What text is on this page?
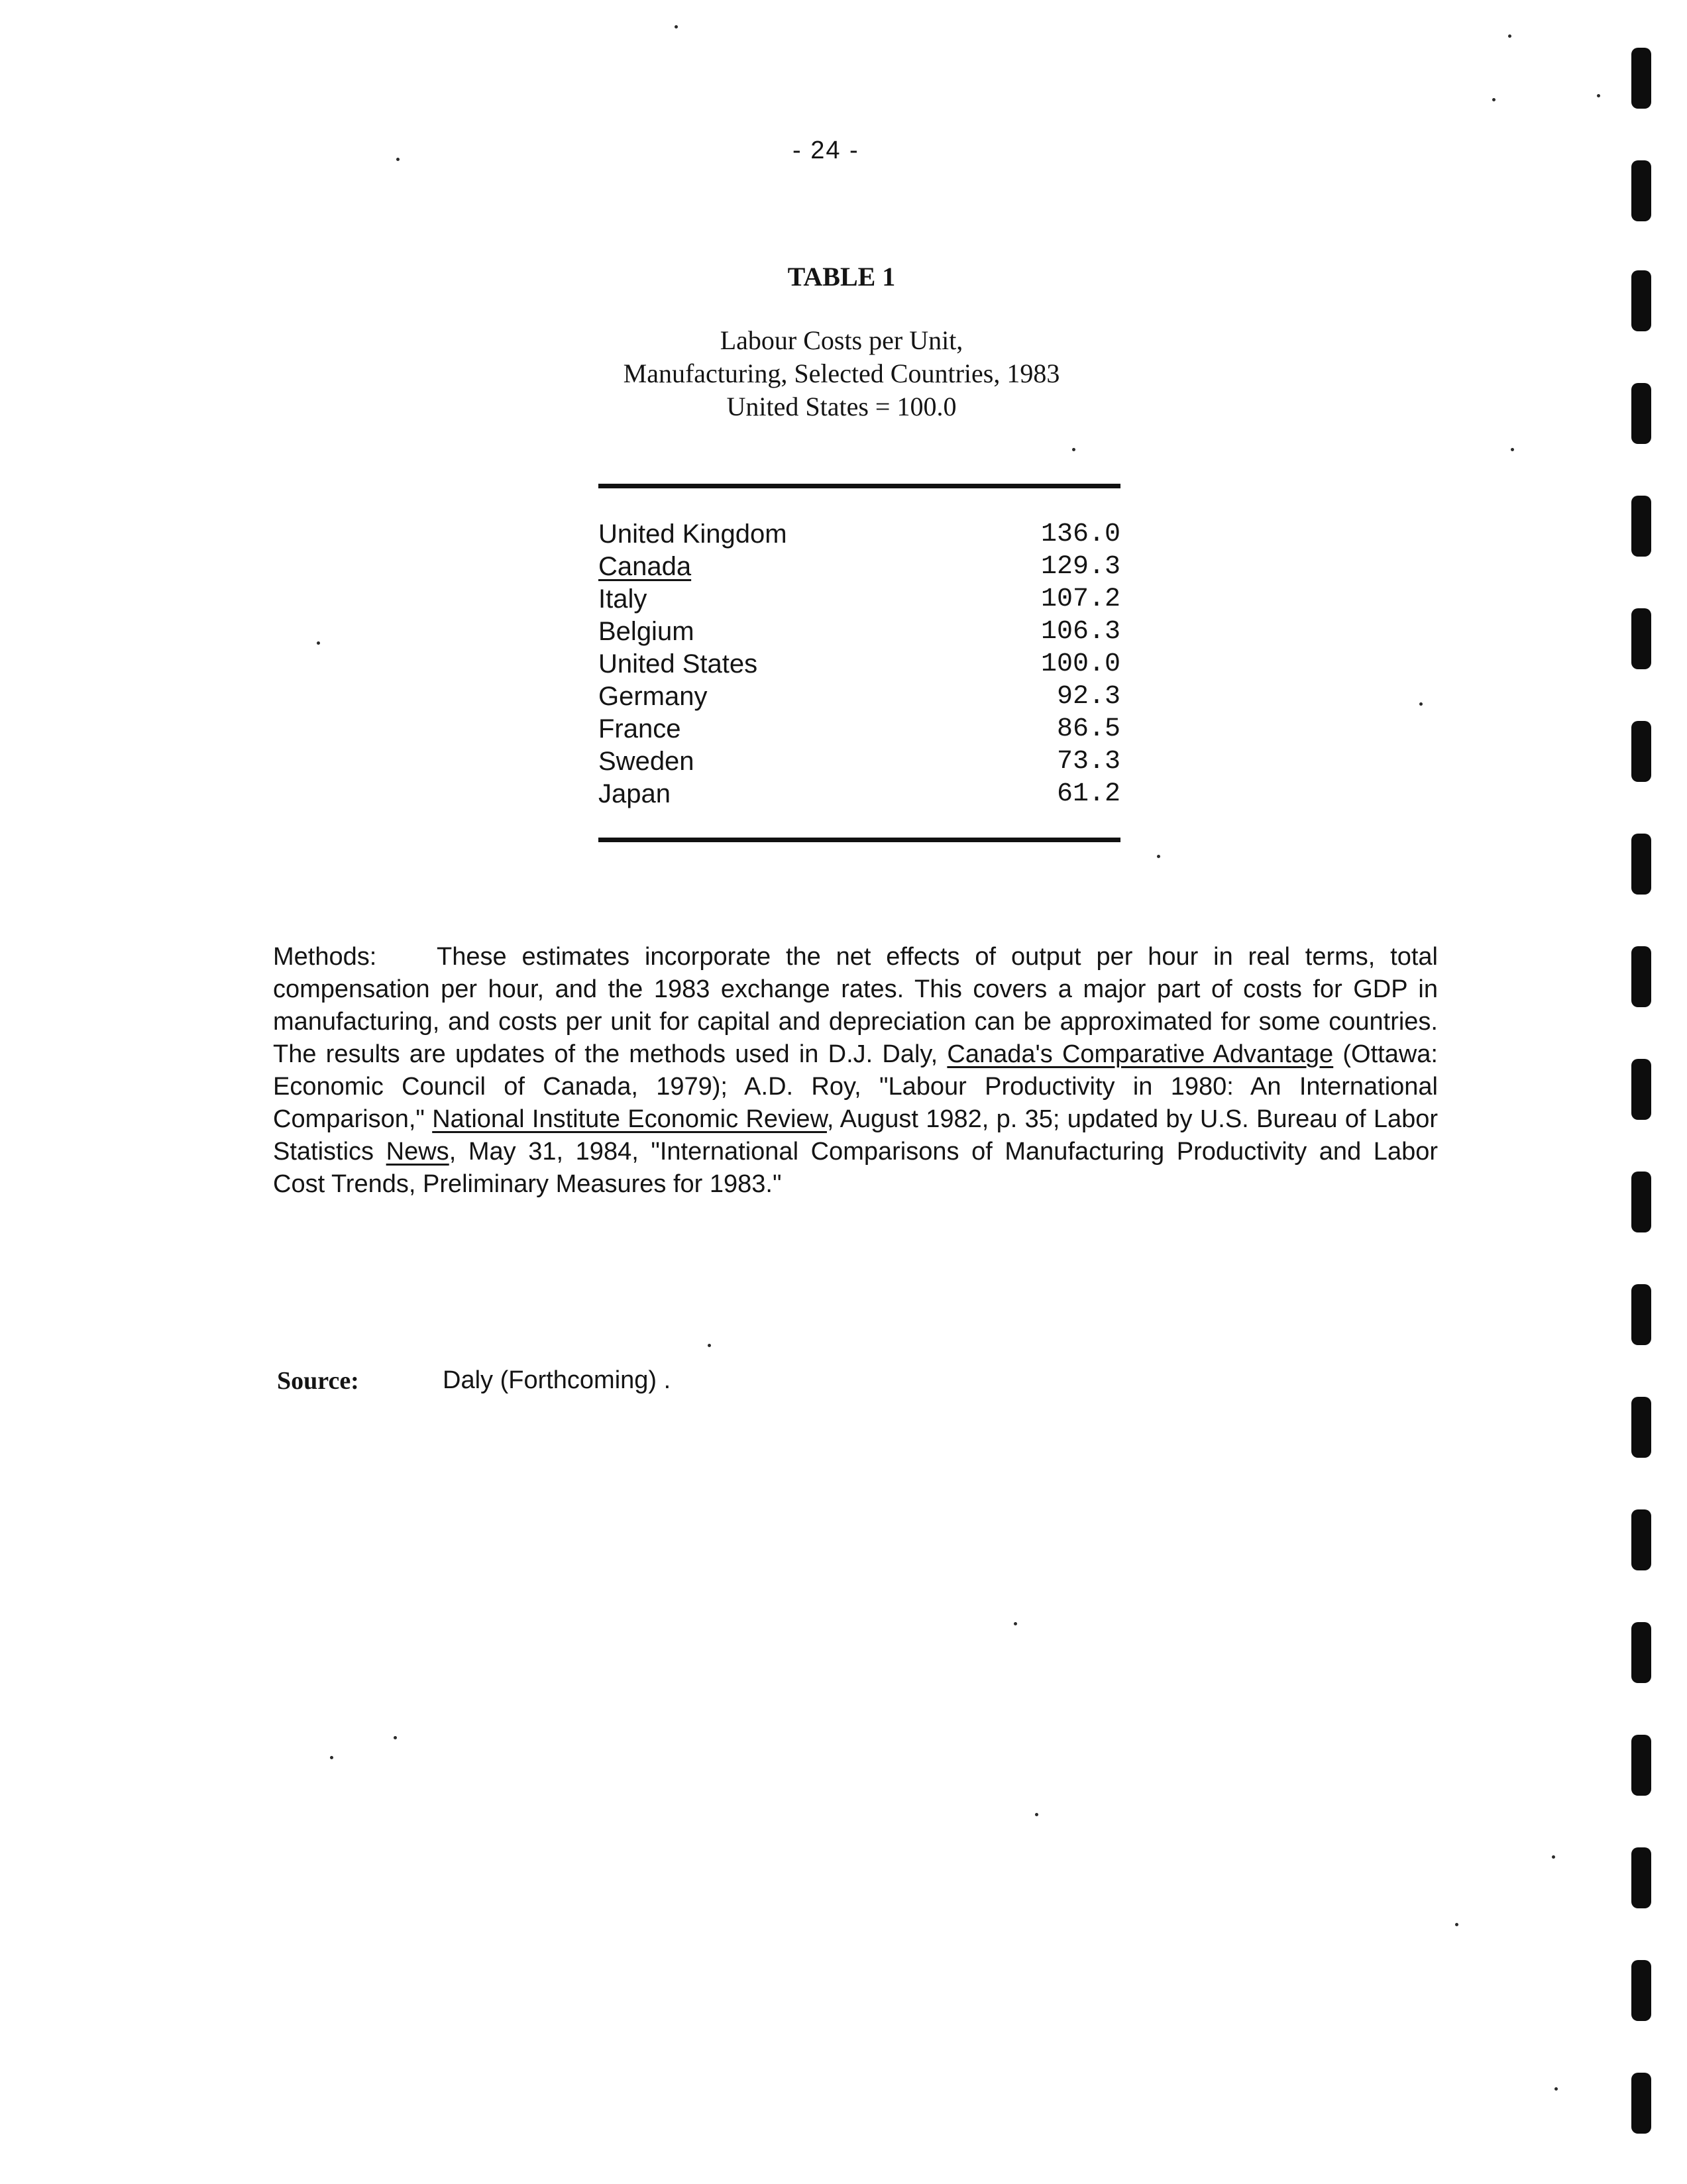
- 24 -
TABLE 1
Labour Costs per Unit,
Manufacturing, Selected Countries, 1983
United States = 100.0
United Kingdom	136.0
Canada	129.3
Italy	107.2
Belgium	106.3
United States	100.0
Germany	92.3
France	86.5
Sweden	73.3
Japan	61.2
Methods: These estimates incorporate the net effects of output per hour in real terms, total compensation per hour, and the 1983 exchange rates. This covers a major part of costs for GDP in manufacturing, and costs per unit for capital and depreciation can be approximated for some countries. The results are updates of the methods used in D.J. Daly, Canada's Comparative Advantage (Ottawa: Economic Council of Canada, 1979); A.D. Roy, "Labour Productivity in 1980: An International Comparison," National Institute Economic Review, August 1982, p. 35; updated by U.S. Bureau of Labor Statistics News, May 31, 1984, "International Comparisons of Manufacturing Productivity and Labor Cost Trends, Preliminary Measures for 1983."
Source:	Daly (Forthcoming) .
